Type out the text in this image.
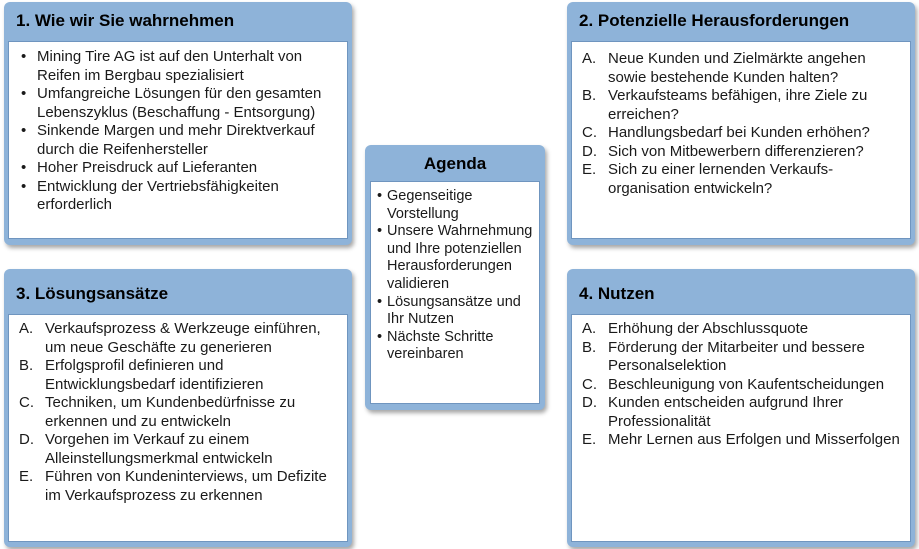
1. Wie wir Sie wahrnehmen
• Mining Tire AG ist auf den Unterhalt von Reifen im Bergbau spezialisiert
• Umfangreiche Lösungen für den gesamten Lebenszyklus (Beschaffung - Entsorgung)
• Sinkende Margen und mehr Direktverkauf durch die Reifenhersteller
• Hoher Preisdruck auf Lieferanten
• Entwicklung der Vertriebsfähigkeiten erforderlich
2. Potenzielle Herausforderungen
A. Neue Kunden und Zielmärkte angehen sowie bestehende Kunden halten?
B. Verkaufsteams befähigen, ihre Ziele zu erreichen?
C. Handlungsbedarf bei Kunden erhöhen?
D. Sich von Mitbewerbern differenzieren?
E. Sich zu einer lernenden Verkaufs-organisation entwickeln?
Agenda
• Gegenseitige Vorstellung
• Unsere Wahrnehmung und Ihre potenziellen Herausforderungen validieren
• Lösungsansätze und Ihr Nutzen
• Nächste Schritte vereinbaren
3. Lösungsansätze
A. Verkaufsprozess & Werkzeuge einführen, um neue Geschäfte zu generieren
B. Erfolgsprofil definieren und Entwicklungsbedarf identifizieren
C. Techniken, um Kundenbedürfnisse zu erkennen und zu entwickeln
D. Vorgehen im Verkauf zu einem Alleinstellungsmerkmal entwickeln
E. Führen von Kundeninterviews, um Defizite im Verkaufsprozess zu erkennen
4. Nutzen
A. Erhöhung der Abschlussquote
B. Förderung der Mitarbeiter und bessere Personalselektion
C. Beschleunigung von Kaufentscheidungen
D. Kunden entscheiden aufgrund Ihrer Professionalität
E. Mehr Lernen aus Erfolgen und Misserfolgen
